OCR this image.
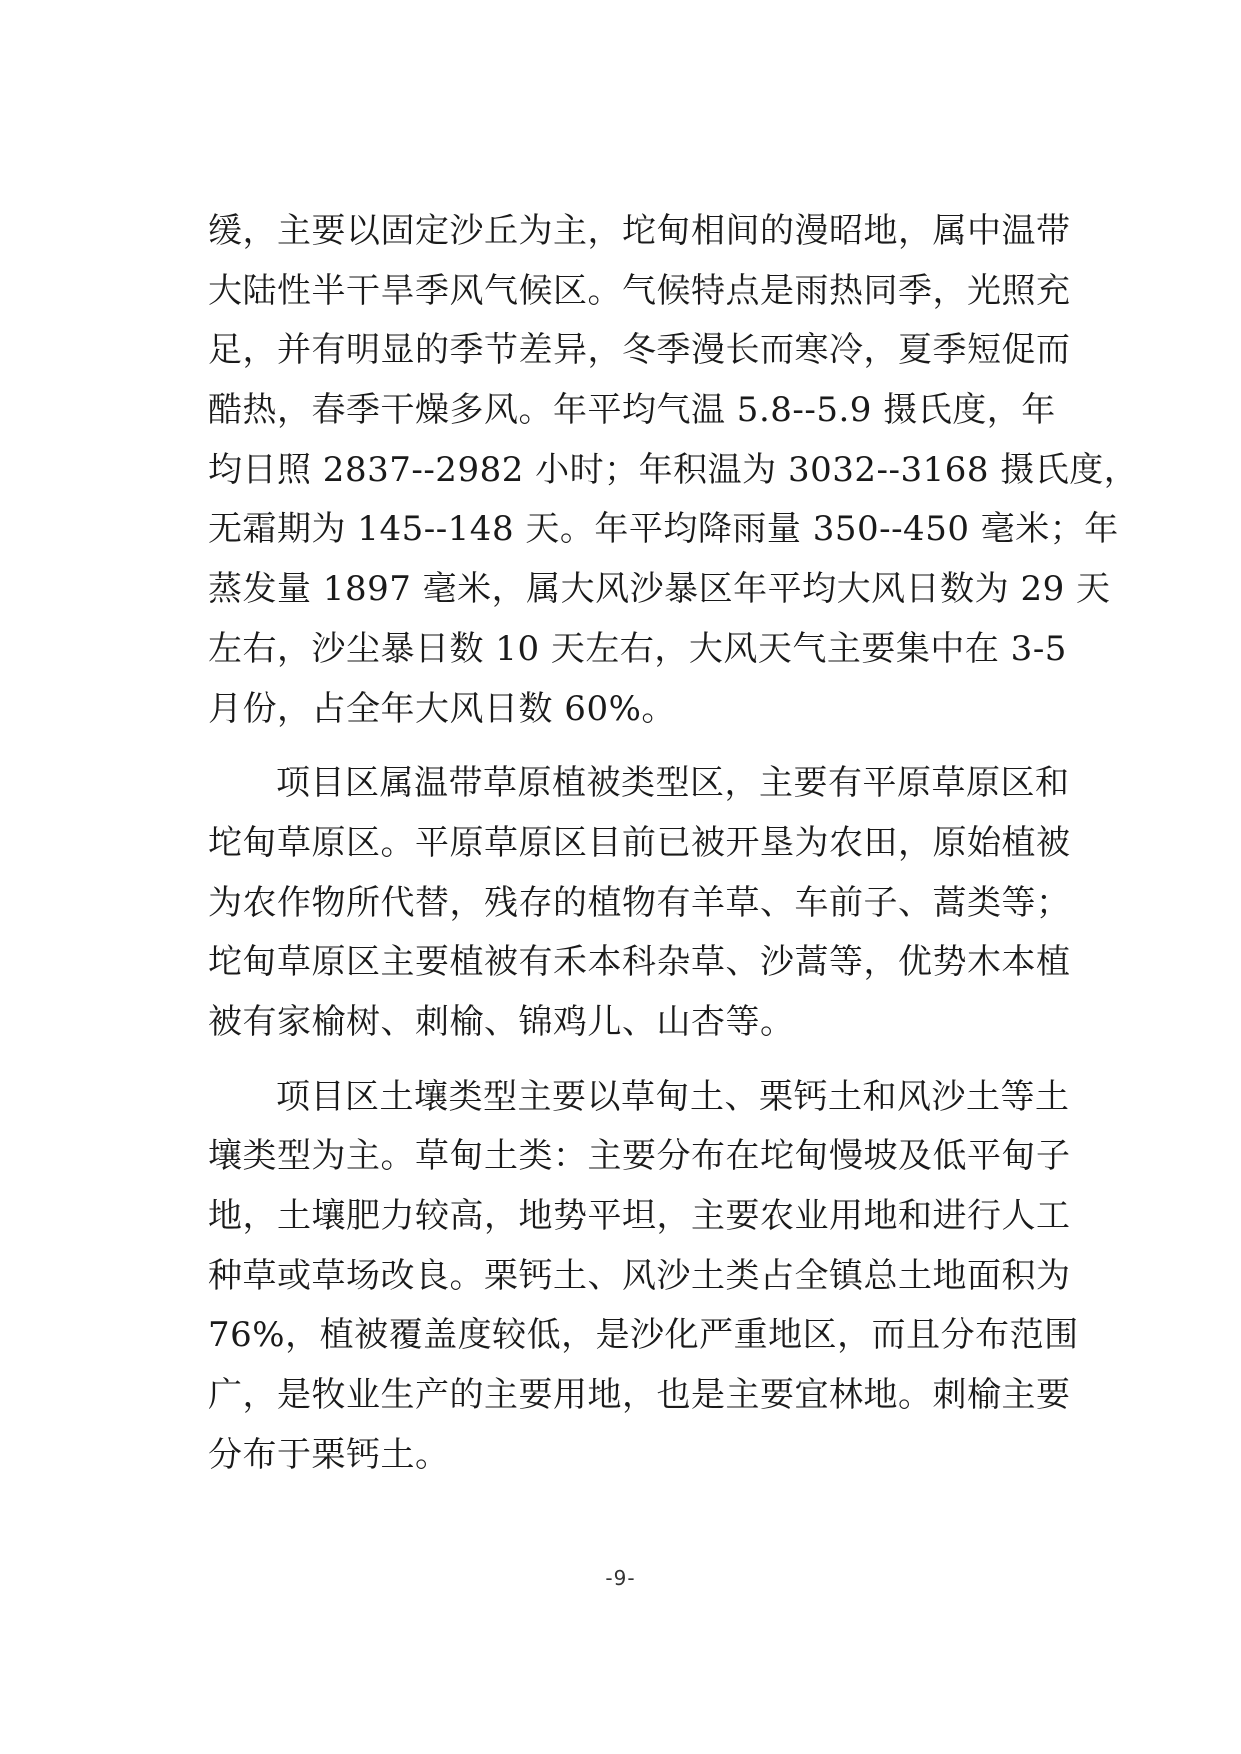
缓，主要以固定沙丘为主，坨甸相间的漫昭地，属中温带
大陆性半干旱季风气候区。气候特点是雨热同季，光照充
足，并有明显的季节差异，冬季漫长而寒冷，夏季短促而
酷热，春季干燥多风。年平均气温 5.8--5.9 摄氏度，年
均日照 2837--2982 小时；年积温为 3032--3168 摄氏度，
无霜期为 145--148 天。年平均降雨量 350--450 毫米；年
蒸发量 1897 毫米，属大风沙暴区年平均大风日数为 29 天
左右，沙尘暴日数 10 天左右，大风天气主要集中在 3-5
月份，占全年大风日数 60%。
项目区属温带草原植被类型区，主要有平原草原区和
坨甸草原区。平原草原区目前已被开垦为农田，原始植被
为农作物所代替，残存的植物有羊草、车前子、蒿类等；
坨甸草原区主要植被有禾本科杂草、沙蒿等，优势木本植
被有家榆树、刺榆、锦鸡儿、山杏等。
项目区土壤类型主要以草甸土、栗钙土和风沙土等土
壤类型为主。草甸土类：主要分布在坨甸慢坡及低平甸子
地，土壤肥力较高，地势平坦，主要农业用地和进行人工
种草或草场改良。栗钙土、风沙土类占全镇总土地面积为
76%，植被覆盖度较低，是沙化严重地区，而且分布范围
广，是牧业生产的主要用地，也是主要宜林地。刺榆主要
分布于栗钙土。
-9-
